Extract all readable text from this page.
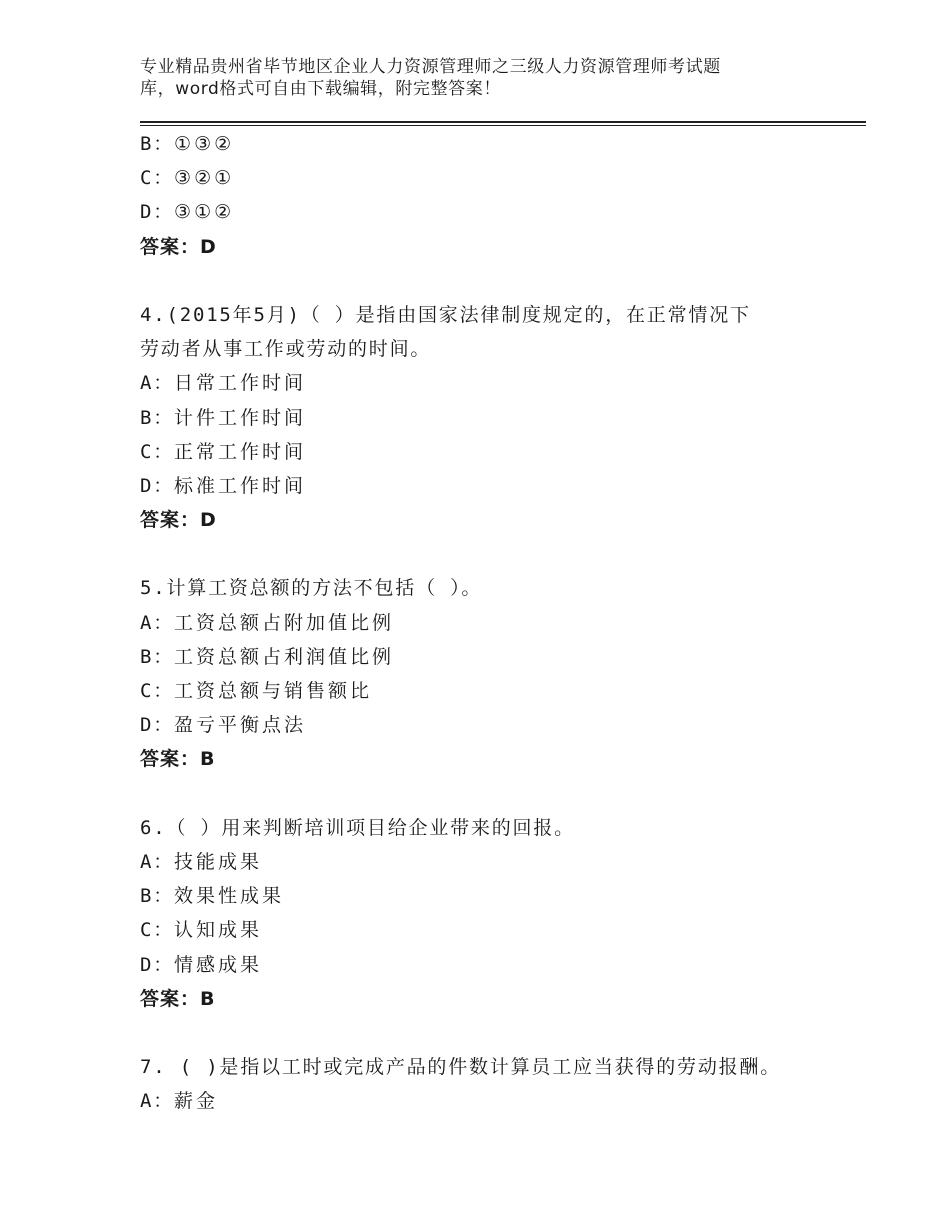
专业精品贵州省毕节地区企业人力资源管理师之三级人力资源管理师考试题
库，word格式可自由下载编辑，附完整答案！
B：①③②
C：③②①
D：③①②
答案：D
4.(2015年5月)（ ）是指由国家法律制度规定的，在正常情况下
劳动者从事工作或劳动的时间。
A：日常工作时间
B：计件工作时间
C：正常工作时间
D：标准工作时间
答案：D
5.计算工资总额的方法不包括（ ）。
A：工资总额占附加值比例
B：工资总额占利润值比例
C：工资总额与销售额比
D：盈亏平衡点法
答案：B
6.（ ）用来判断培训项目给企业带来的回报。
A：技能成果
B：效果性成果
C：认知成果
D：情感成果
答案：B
7. ( )是指以工时或完成产品的件数计算员工应当获得的劳动报酬。
A：薪金
